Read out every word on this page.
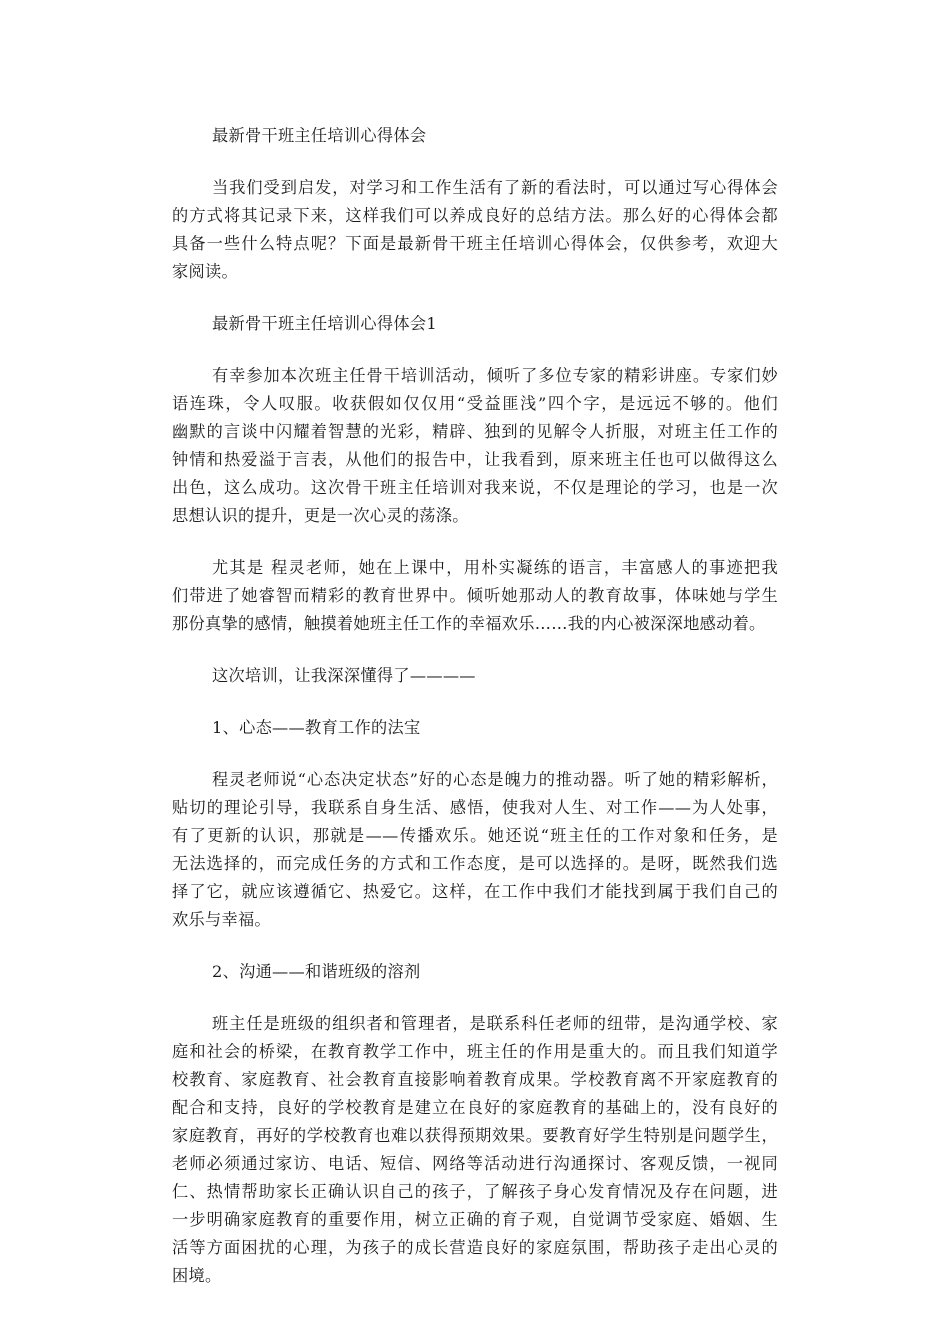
最新骨干班主任培训心得体会
当我们受到启发，对学习和工作生活有了新的看法时，可以通过写心得体会
的方式将其记录下来，这样我们可以养成良好的总结方法。那么好的心得体会都
具备一些什么特点呢？下面是最新骨干班主任培训心得体会，仅供参考，欢迎大
家阅读。
最新骨干班主任培训心得体会1
有幸参加本次班主任骨干培训活动，倾听了多位专家的精彩讲座。专家们妙
语连珠，令人叹服。收获假如仅仅用“受益匪浅”四个字，是远远不够的。他们
幽默的言谈中闪耀着智慧的光彩，精辟、独到的见解令人折服，对班主任工作的
钟情和热爱溢于言表，从他们的报告中，让我看到，原来班主任也可以做得这么
出色，这么成功。这次骨干班主任培训对我来说，不仅是理论的学习，也是一次
思想认识的提升，更是一次心灵的荡涤。
尤其是 程灵老师，她在上课中，用朴实凝练的语言，丰富感人的事迹把我
们带进了她睿智而精彩的教育世界中。倾听她那动人的教育故事，体味她与学生
那份真挚的感情，触摸着她班主任工作的幸福欢乐……我的内心被深深地感动着。
这次培训，让我深深懂得了————
1、心态——教育工作的法宝
程灵老师说“心态决定状态”好的心态是魄力的推动器。听了她的精彩解析，
贴切的理论引导，我联系自身生活、感悟，使我对人生、对工作——为人处事，
有了更新的认识，那就是——传播欢乐。她还说“班主任的工作对象和任务，是
无法选择的，而完成任务的方式和工作态度，是可以选择的。是呀，既然我们选
择了它，就应该遵循它、热爱它。这样，在工作中我们才能找到属于我们自己的
欢乐与幸福。
2、沟通——和谐班级的溶剂
班主任是班级的组织者和管理者，是联系科任老师的纽带，是沟通学校、家
庭和社会的桥梁，在教育教学工作中，班主任的作用是重大的。而且我们知道学
校教育、家庭教育、社会教育直接影响着教育成果。学校教育离不开家庭教育的
配合和支持，良好的学校教育是建立在良好的家庭教育的基础上的，没有良好的
家庭教育，再好的学校教育也难以获得预期效果。要教育好学生特别是问题学生，
老师必须通过家访、电话、短信、网络等活动进行沟通探讨、客观反馈，一视同
仁、热情帮助家长正确认识自己的孩子，了解孩子身心发育情况及存在问题，进
一步明确家庭教育的重要作用，树立正确的育子观，自觉调节受家庭、婚姻、生
活等方面困扰的心理，为孩子的成长营造良好的家庭氛围，帮助孩子走出心灵的
困境。
